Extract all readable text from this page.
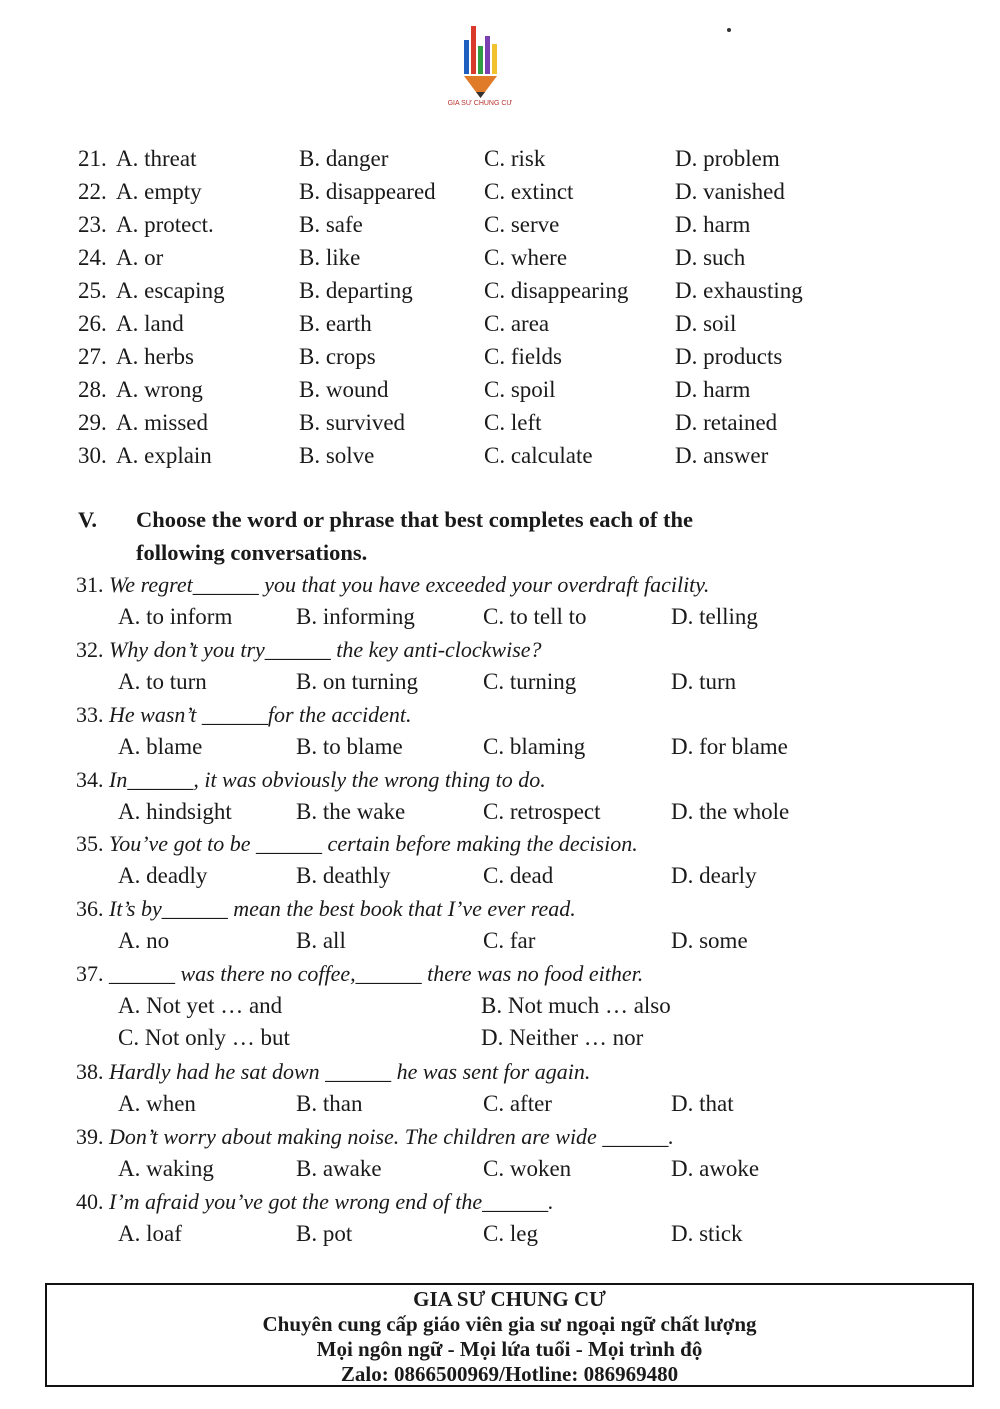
GIA SƯ CHUNG CƯ
21. A. threat	B. danger	C. risk	D. problem
22. A. empty	B. disappeared C. extinct	D. vanished
23. A. protect.	B. safe	C. serve	D. harm
24. A. or	B. like	C. where	D. such
25. A. escaping	B. departing	C. disappearing D. exhausting
26. A. land	B. earth	C. area	D. soil
27. A. herbs	B. crops	C. fields	D. products
28. A. wrong	B. wound	C. spoil	D. harm
29. A. missed	B. survived	C. left	D. retained
30. A. explain	B. solve	C. calculate	D. answer
V. Choose the word or phrase that best completes each of the
following conversations.
31. We regret______ you that you have exceeded your overdraft facility.
A. to inform	B. informing	C. to tell to	D. telling
32. Why don’t you try______ the key anti-clockwise?
A. to turn	B. on turning	C. turning	D. turn
33. He wasn’t ______for the accident.
A. blame	B. to blame	C. blaming	D. for blame
34. In______, it was obviously the wrong thing to do.
A. hindsight	B. the wake	C. retrospect	D. the whole
35. You’ve got to be ______ certain before making the decision.
A. deadly	B. deathly	C. dead	D. dearly
36. It’s by______ mean the best book that I’ve ever read.
A. no	B. all	C. far	D. some
37. ______ was there no coffee,______ there was no food either.
A. Not yet … and	B. Not much … also
C. Not only … but	D. Neither … nor
38. Hardly had he sat down ______ he was sent for again.
A. when	B. than	C. after	D. that
39. Don’t worry about making noise. The children are wide ______.
A. waking	B. awake	C. woken	D. awoke
40. I’m afraid you’ve got the wrong end of the______.
A. loaf	B. pot	C. leg	D. stick
GIA SƯ CHUNG CƯ
Chuyên cung cấp giáo viên gia sư ngoại ngữ chất lượng
Mọi ngôn ngữ - Mọi lứa tuổi - Mọi trình độ
Zalo: 0866500969/Hotline: 086969480
